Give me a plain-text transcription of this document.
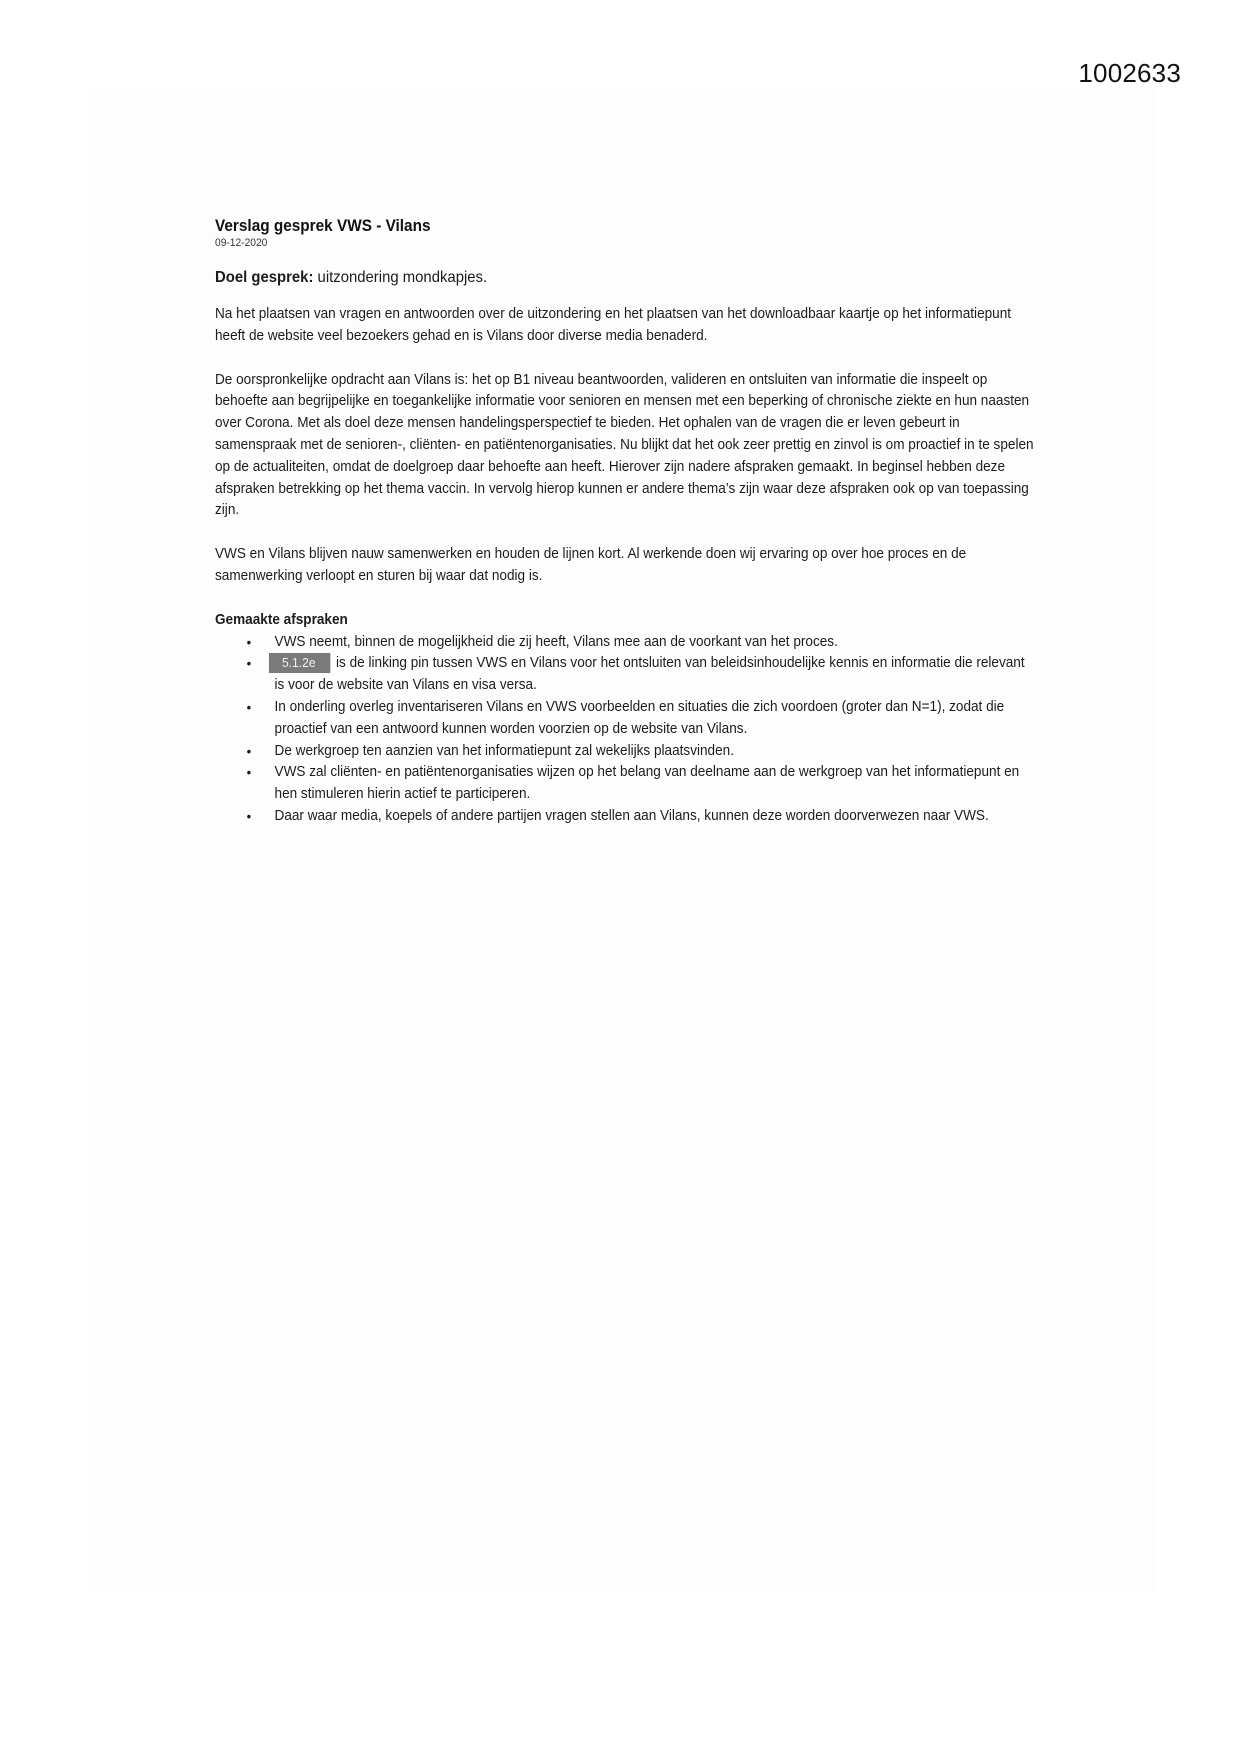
1002633
Verslag gesprek VWS - Vilans
09-12-2020
Doel gesprek: uitzondering mondkapjes.

Na het plaatsen van vragen en antwoorden over de uitzondering en het plaatsen van het downloadbaar kaartje op het informatiepunt heeft de website veel bezoekers gehad en is Vilans door diverse media benaderd.

De oorspronkelijke opdracht aan Vilans is: het op B1 niveau beantwoorden, valideren en ontsluiten van informatie die inspeelt op behoefte aan begrijpelijke en toegankelijke informatie voor senioren en mensen met een beperking of chronische ziekte en hun naasten over Corona. Met als doel deze mensen handelingsperspectief te bieden. Het ophalen van de vragen die er leven gebeurt in samenspraak met de senioren-, cliënten- en patiëntenorganisaties. Nu blijkt dat het ook zeer prettig en zinvol is om proactief in te spelen op de actualiteiten, omdat de doelgroep daar behoefte aan heeft. Hierover zijn nadere afspraken gemaakt. In beginsel hebben deze afspraken betrekking op het thema vaccin. In vervolg hierop kunnen er andere thema’s zijn waar deze afspraken ook op van toepassing zijn.

VWS en Vilans blijven nauw samenwerken en houden de lijnen kort. Al werkende doen wij ervaring op over hoe proces en de samenwerking verloopt en sturen bij waar dat nodig is.

Gemaakte afspraken
• VWS neemt, binnen de mogelijkheid die zij heeft, Vilans mee aan de voorkant van het proces.
• 5.1.2e is de linking pin tussen VWS en Vilans voor het ontsluiten van beleidsinhoudelijke kennis en informatie die relevant is voor de website van Vilans en visa versa.
• In onderling overleg inventariseren Vilans en VWS voorbeelden en situaties die zich voordoen (groter dan N=1), zodat die proactief van een antwoord kunnen worden voorzien op de website van Vilans.
• De werkgroep ten aanzien van het informatiepunt zal wekelijks plaatsvinden.
• VWS zal cliënten- en patiëntenorganisaties wijzen op het belang van deelname aan de werkgroep van het informatiepunt en hen stimuleren hierin actief te participeren.
• Daar waar media, koepels of andere partijen vragen stellen aan Vilans, kunnen deze worden doorverwezen naar VWS.
